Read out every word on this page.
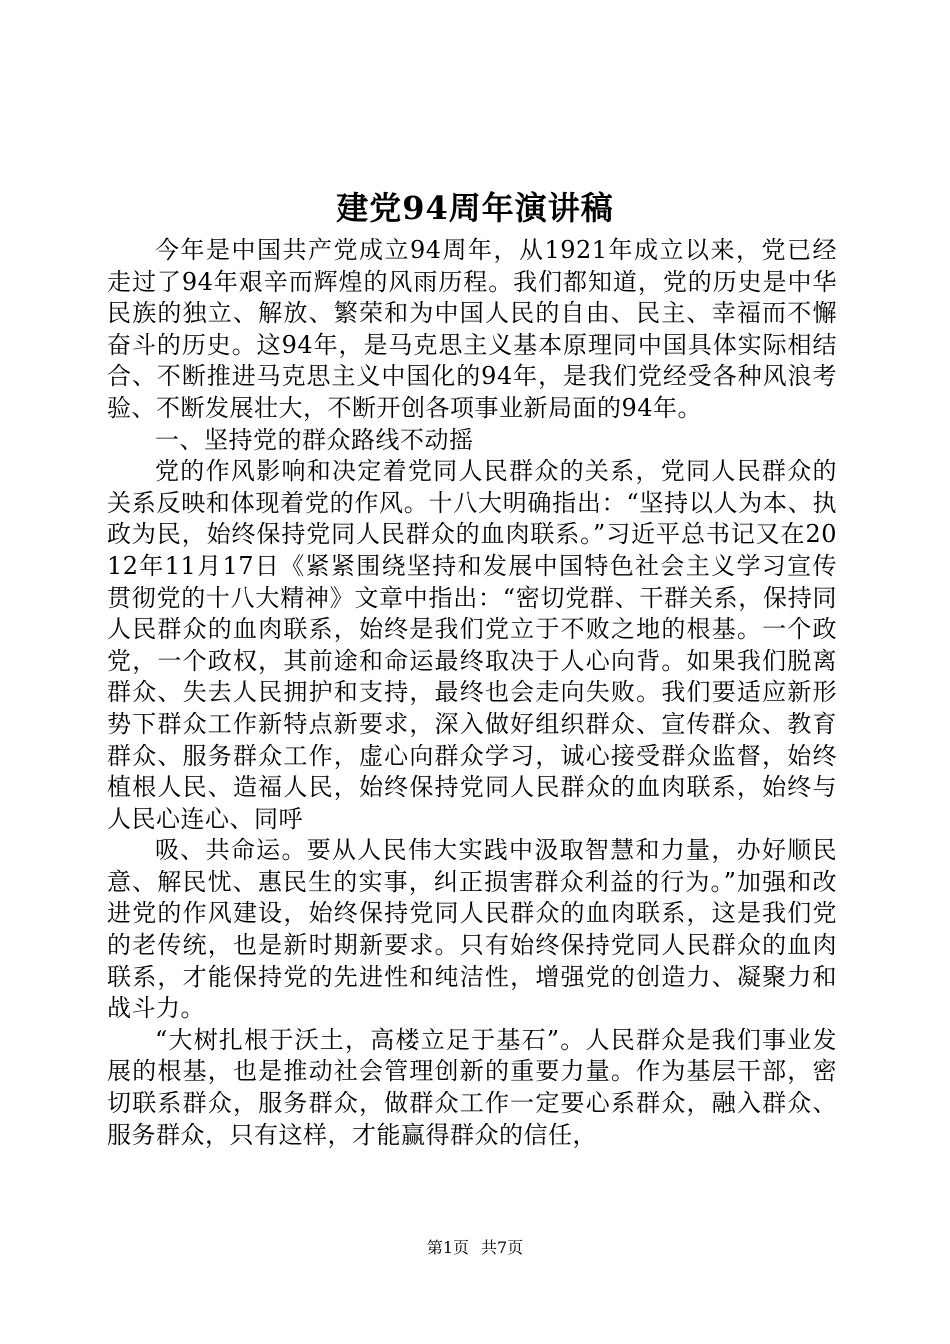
建党94周年演讲稿

今年是中国共产党成立94周年，从1921年成立以来，党已经走过了94年艰辛而辉煌的风雨历程。我们都知道，党的历史是中华民族的独立、解放、繁荣和为中国人民的自由、民主、幸福而不懈奋斗的历史。这94年，是马克思主义基本原理同中国具体实际相结合、不断推进马克思主义中国化的94年，是我们党经受各种风浪考验、不断发展壮大，不断开创各项事业新局面的94年。

一、坚持党的群众路线不动摇

党的作风影响和决定着党同人民群众的关系，党同人民群众的关系反映和体现着党的作风。十八大明确指出：“坚持以人为本、执政为民，始终保持党同人民群众的血肉联系。”习近平总书记又在2012年11月17日《紧紧围绕坚持和发展中国特色社会主义学习宣传贯彻党的十八大精神》文章中指出：“密切党群、干群关系，保持同人民群众的血肉联系，始终是我们党立于不败之地的根基。一个政党，一个政权，其前途和命运最终取决于人心向背。如果我们脱离群众、失去人民拥护和支持，最终也会走向失败。我们要适应新形势下群众工作新特点新要求，深入做好组织群众、宣传群众、教育群众、服务群众工作，虚心向群众学习，诚心接受群众监督，始终植根人民、造福人民，始终保持党同人民群众的血肉联系，始终与人民心连心、同呼

吸、共命运。要从人民伟大实践中汲取智慧和力量，办好顺民意、解民忧、惠民生的实事，纠正损害群众利益的行为。”加强和改进党的作风建设，始终保持党同人民群众的血肉联系，这是我们党的老传统，也是新时期新要求。只有始终保持党同人民群众的血肉联系，才能保持党的先进性和纯洁性，增强党的创造力、凝聚力和战斗力。

“大树扎根于沃土，高楼立足于基石”。人民群众是我们事业发展的根基，也是推动社会管理创新的重要力量。作为基层干部，密切联系群众，服务群众，做群众工作一定要心系群众，融入群众、服务群众，只有这样，才能赢得群众的信任，

第1页 共7页
